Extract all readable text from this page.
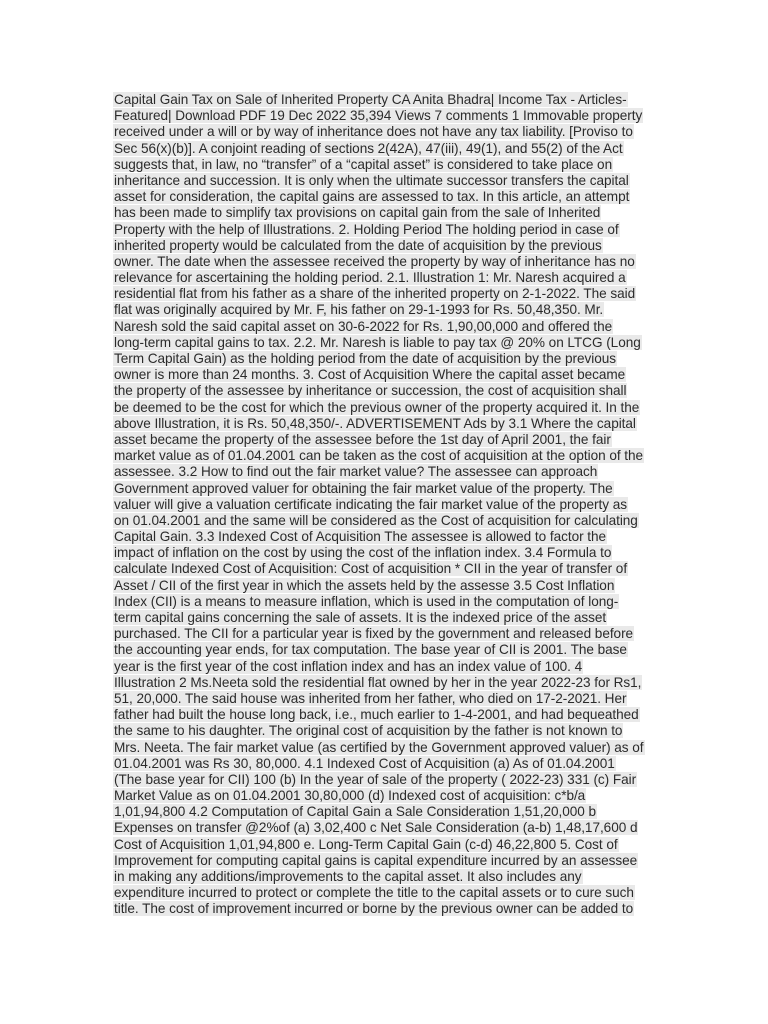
Capital Gain Tax on Sale of Inherited Property CA Anita Bhadra| Income Tax - Articles-
Featured| Download PDF 19 Dec 2022 35,394 Views 7 comments 1 Immovable property
received under a will or by way of inheritance does not have any tax liability. [Proviso to
Sec 56(x)(b)]. A conjoint reading of sections 2(42A), 47(iii), 49(1), and 55(2) of the Act
suggests that, in law, no “transfer” of a “capital asset” is considered to take place on
inheritance and succession. It is only when the ultimate successor transfers the capital
asset for consideration, the capital gains are assessed to tax. In this article, an attempt
has been made to simplify tax provisions on capital gain from the sale of Inherited
Property with the help of Illustrations. 2. Holding Period The holding period in case of
inherited property would be calculated from the date of acquisition by the previous
owner. The date when the assessee received the property by way of inheritance has no
relevance for ascertaining the holding period. 2.1. Illustration 1: Mr. Naresh acquired a
residential flat from his father as a share of the inherited property on 2-1-2022. The said
flat was originally acquired by Mr. F, his father on 29-1-1993 for Rs. 50,48,350. Mr.
Naresh sold the said capital asset on 30-6-2022 for Rs. 1,90,00,000 and offered the
long-term capital gains to tax. 2.2. Mr. Naresh is liable to pay tax @ 20% on LTCG (Long
Term Capital Gain) as the holding period from the date of acquisition by the previous
owner is more than 24 months. 3. Cost of Acquisition Where the capital asset became
the property of the assessee by inheritance or succession, the cost of acquisition shall
be deemed to be the cost for which the previous owner of the property acquired it. In the
above Illustration, it is Rs. 50,48,350/-. ADVERTISEMENT Ads by 3.1 Where the capital
asset became the property of the assessee before the 1st day of April 2001, the fair
market value as of 01.04.2001 can be taken as the cost of acquisition at the option of the
assessee. 3.2 How to find out the fair market value? The assessee can approach
Government approved valuer for obtaining the fair market value of the property. The
valuer will give a valuation certificate indicating the fair market value of the property as
on 01.04.2001 and the same will be considered as the Cost of acquisition for calculating
Capital Gain. 3.3 Indexed Cost of Acquisition The assessee is allowed to factor the
impact of inflation on the cost by using the cost of the inflation index. 3.4 Formula to
calculate Indexed Cost of Acquisition: Cost of acquisition * CII in the year of transfer of
Asset / CII of the first year in which the assets held by the assesse 3.5 Cost Inflation
Index (CII) is a means to measure inflation, which is used in the computation of long-
term capital gains concerning the sale of assets. It is the indexed price of the asset
purchased. The CII for a particular year is fixed by the government and released before
the accounting year ends, for tax computation. The base year of CII is 2001. The base
year is the first year of the cost inflation index and has an index value of 100. 4
Illustration 2 Ms.Neeta sold the residential flat owned by her in the year 2022-23 for Rs1,
51, 20,000. The said house was inherited from her father, who died on 17-2-2021. Her
father had built the house long back, i.e., much earlier to 1-4-2001, and had bequeathed
the same to his daughter. The original cost of acquisition by the father is not known to
Mrs. Neeta. The fair market value (as certified by the Government approved valuer) as of
01.04.2001 was Rs 30, 80,000. 4.1 Indexed Cost of Acquisition (a) As of 01.04.2001
(The base year for CII) 100 (b) In the year of sale of the property ( 2022-23) 331 (c) Fair
Market Value as on 01.04.2001 30,80,000 (d) Indexed cost of acquisition: c*b/a
1,01,94,800 4.2 Computation of Capital Gain a Sale Consideration 1,51,20,000 b
Expenses on transfer @2%of (a) 3,02,400 c Net Sale Consideration (a-b) 1,48,17,600 d
Cost of Acquisition 1,01,94,800 e. Long-Term Capital Gain (c-d) 46,22,800 5. Cost of
Improvement for computing capital gains is capital expenditure incurred by an assessee
in making any additions/improvements to the capital asset. It also includes any
expenditure incurred to protect or complete the title to the capital assets or to cure such
title. The cost of improvement incurred or borne by the previous owner can be added to
